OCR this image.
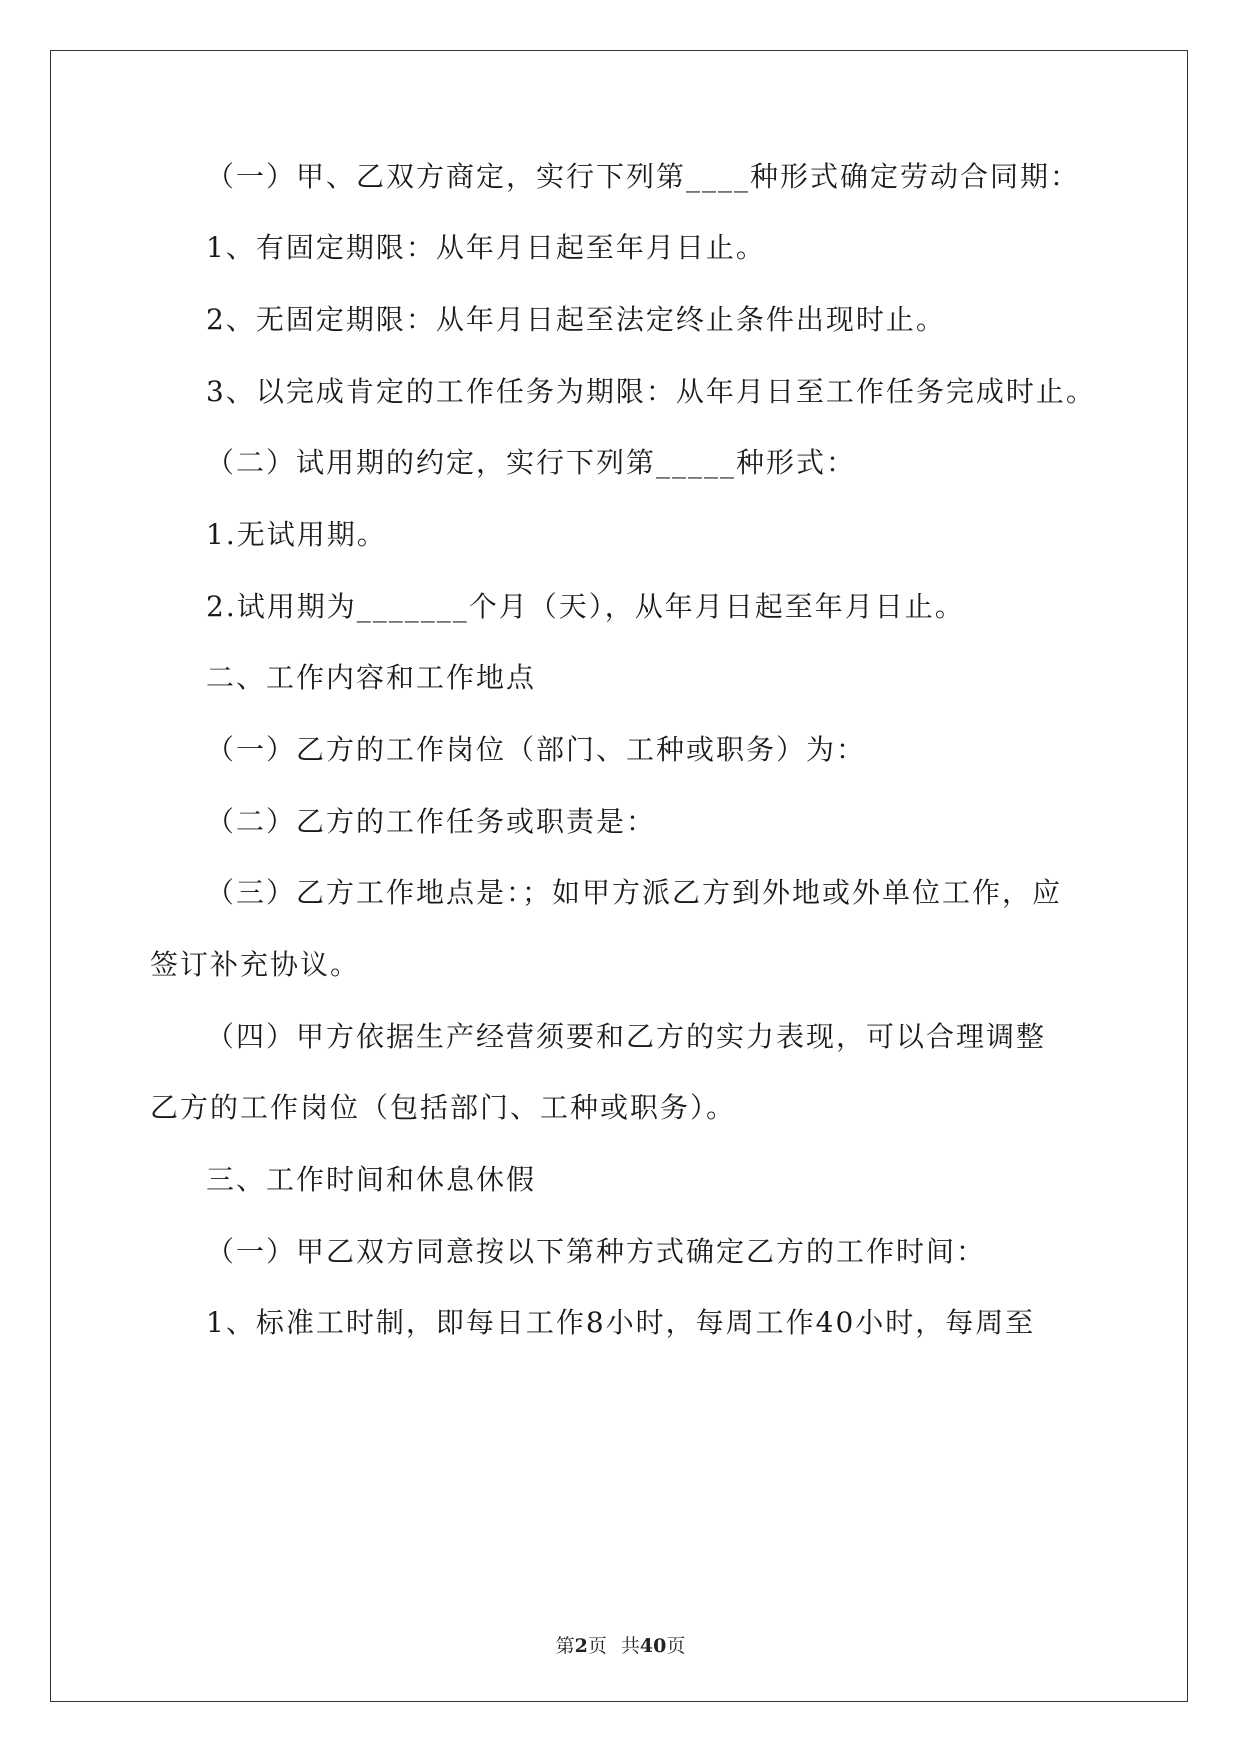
（一）甲、乙双方商定，实行下列第____种形式确定劳动合同期：

1、有固定期限：从年月日起至年月日止。

2、无固定期限：从年月日起至法定终止条件出现时止。

3、以完成肯定的工作任务为期限：从年月日至工作任务完成时止。

（二）试用期的约定，实行下列第_____种形式：

1.无试用期。

2.试用期为_______个月（天），从年月日起至年月日止。

二、工作内容和工作地点

（一）乙方的工作岗位（部门、工种或职务）为：

（二）乙方的工作任务或职责是：

（三）乙方工作地点是：；如甲方派乙方到外地或外单位工作，应

签订补充协议。

（四）甲方依据生产经营须要和乙方的实力表现，可以合理调整

乙方的工作岗位（包括部门、工种或职务）。

三、工作时间和休息休假

（一）甲乙双方同意按以下第种方式确定乙方的工作时间：

1、标准工时制，即每日工作8小时，每周工作40小时，每周至

第2页 共40页
